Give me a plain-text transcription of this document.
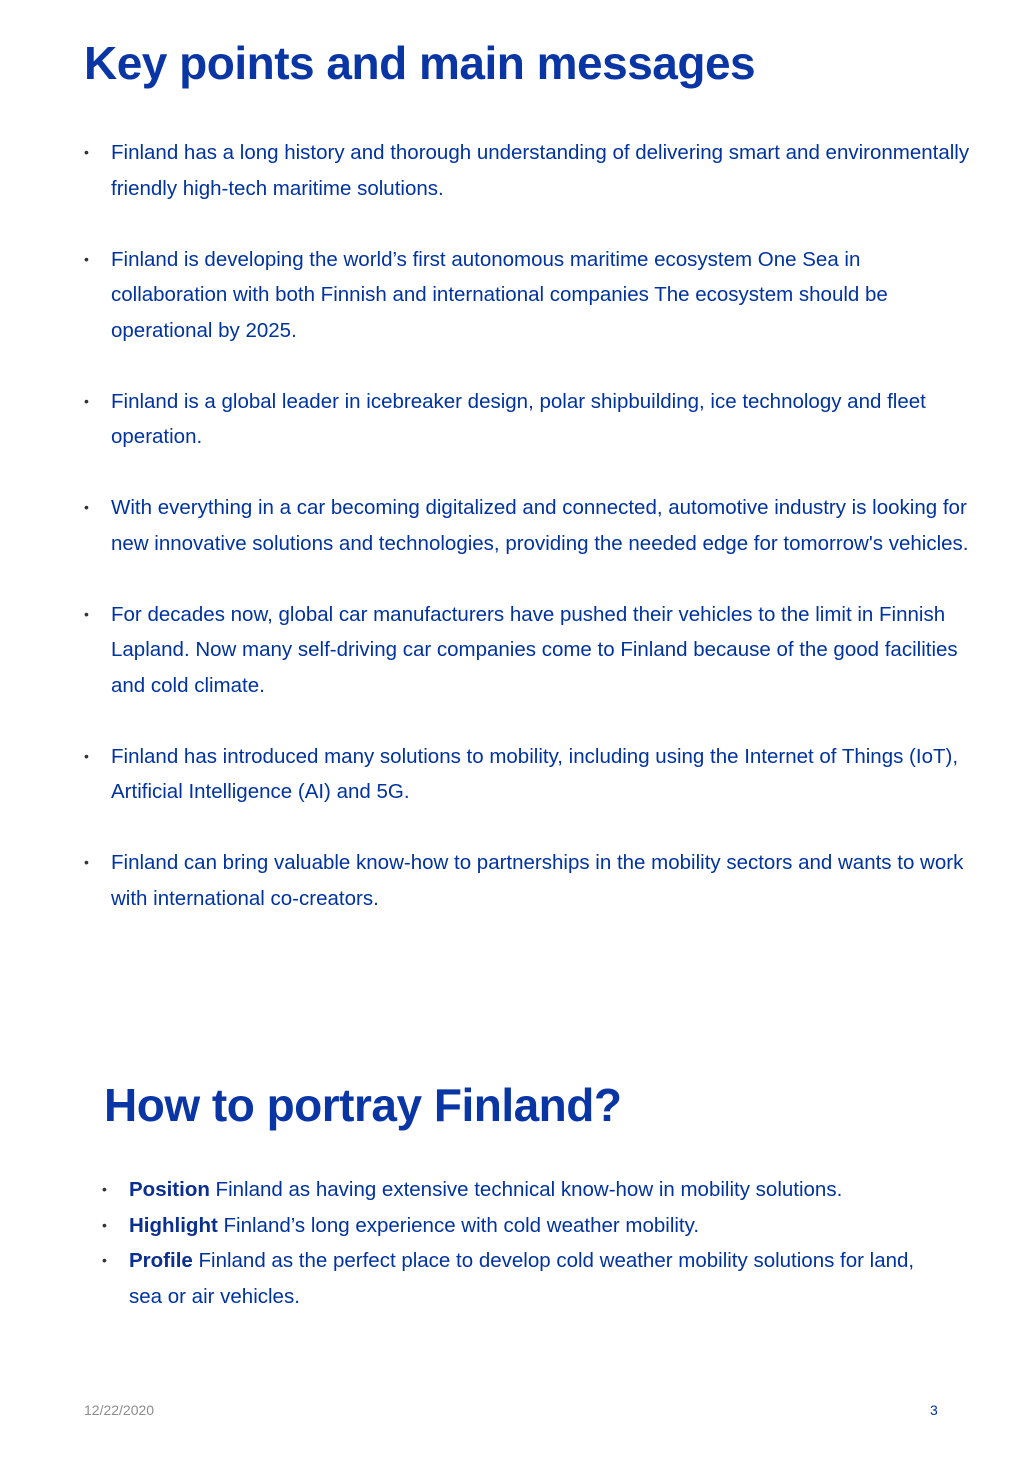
Key points and main messages
• Finland has a long history and thorough understanding of delivering smart and environmentally friendly high-tech maritime solutions.
• Finland is developing the world’s first autonomous maritime ecosystem One Sea in collaboration with both Finnish and international companies The ecosystem should be operational by 2025.
• Finland is a global leader in icebreaker design, polar shipbuilding, ice technology and fleet operation.
• With everything in a car becoming digitalized and connected, automotive industry is looking for new innovative solutions and technologies, providing the needed edge for tomorrow's vehicles.
• For decades now, global car manufacturers have pushed their vehicles to the limit in Finnish Lapland. Now many self-driving car companies come to Finland because of the good facilities and cold climate.
• Finland has introduced many solutions to mobility, including using the Internet of Things (IoT), Artificial Intelligence (AI) and 5G.
• Finland can bring valuable know-how to partnerships in the mobility sectors and wants to work with international co-creators.
How to portray Finland?
• Position Finland as having extensive technical know-how in mobility solutions.
• Highlight Finland’s long experience with cold weather mobility.
• Profile Finland as the perfect place to develop cold weather mobility solutions for land, sea or air vehicles.
12/22/2020	3
